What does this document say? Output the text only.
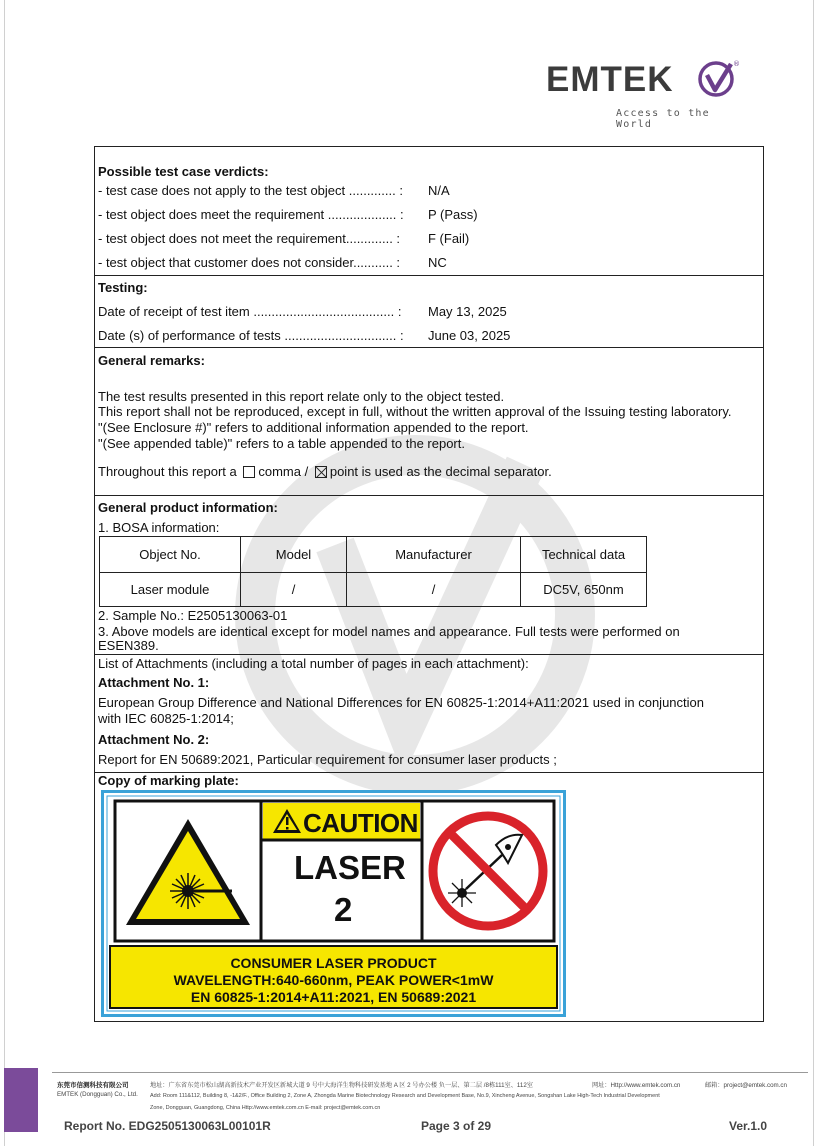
EMTEK	®
Access to the World
Possible test case verdicts:
- test case does not apply to the test object ............. : N/A
- test object does meet the requirement ................... : P (Pass)
- test object does not meet the requirement............. : F (Fail)
- test object that customer does not consider........... : NC
Testing:
Date of receipt of test item ....................................... : May 13, 2025
Date (s) of performance of tests ............................... : June 03, 2025
General remarks:
The test results presented in this report relate only to the object tested.
This report shall not be reproduced, except in full, without the written approval of the Issuing testing laboratory.
"(See Enclosure #)" refers to additional information appended to the report.
"(See appended table)" refers to a table appended to the report.
Throughout this report a comma / point is used as the decimal separator.
General product information:
1. BOSA information:
Object No.	Model	Manufacturer	Technical data
Laser module	/	/	DC5V, 650nm
2. Sample No.: E2505130063-01
3. Above models are identical except for model names and appearance. Full tests were performed on
ESEN389.
List of Attachments (including a total number of pages in each attachment):
Attachment No. 1:
European Group Difference and National Differences for EN 60825-1:2014+A11:2021 used in conjunction
with IEC 60825-1:2014;
Attachment No. 2:
Report for EN 50689:2021, Particular requirement for consumer laser products ;
Copy of marking plate:
CAUTION
LASER
2
CONSUMER LASER PRODUCT
WAVELENGTH:640-660nm, PEAK POWER<1mW
EN 60825-1:2014+A11:2021, EN 50689:2021
东莞市信测科技有限公司
EMTEK (Dongguan) Co., Ltd.
地址：广东省东莞市松山湖高新技术产业开发区新城大道 9 号中大海洋生物科技研发基地 A 区 2 号办公楼 负一层、第二层 /8栋111室、112室	网址：Http://www.emtek.com.cn	邮箱：project@emtek.com.cn
Add: Room 111&112, Building 8, -1&2/F., Office Building 2, Zone A, Zhongda Marine Biotechnology Research and Development Base, No.9, Xincheng Avenue, Songshan Lake High-Tech Industrial Development
Zone, Dongguan, Guangdong, China Http://www.emtek.com.cn E-mail: project@emtek.com.cn
Report No. EDG2505130063L00101R	Page 3 of 29	Ver.1.0
